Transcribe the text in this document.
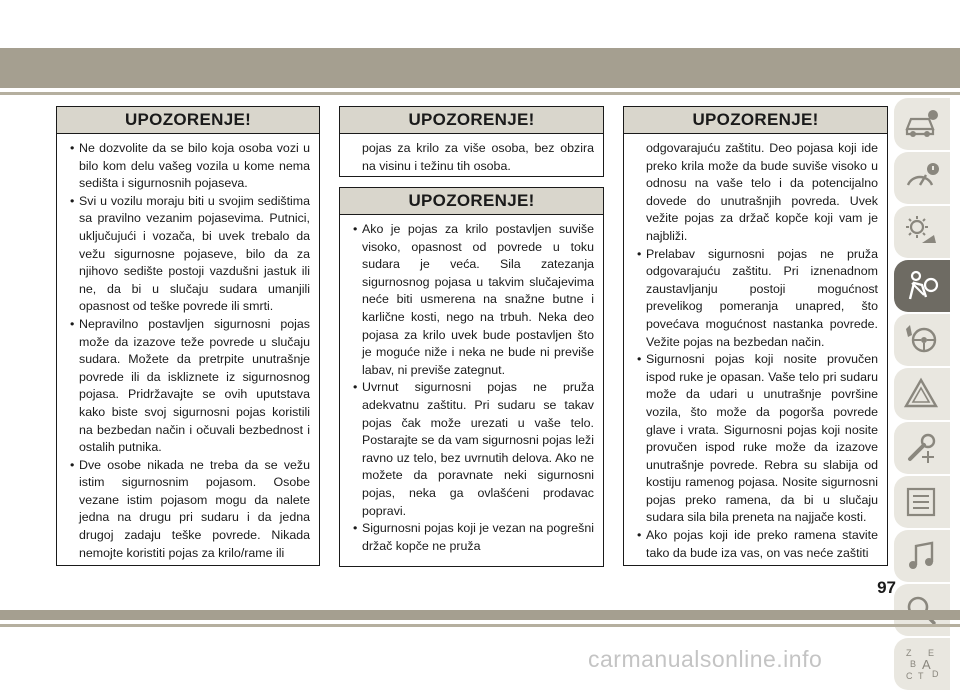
UPOZORENJE!
• Ne dozvolite da se bilo koja osoba vozi u bilo kom delu vašeg vozila u kome nema sedišta i sigurnosnih pojaseva.
• Svi u vozilu moraju biti u svojim sedištima sa pravilno vezanim pojasevima. Putnici, uključujući i vozača, bi uvek trebalo da vežu sigurnosne pojaseve, bilo da za njihovo sedište postoji vazdušni jastuk ili ne, da bi u slučaju sudara umanjili opasnost od teške povrede ili smrti.
• Nepravilno postavljen sigurnosni pojas može da izazove teže povrede u slučaju sudara. Možete da pretrpite unutrašnje povrede ili da iskliznete iz sigurnosnog pojasa. Pridržavajte se ovih uputstava kako biste svoj sigurnosni pojas koristili na bezbedan način i očuvali bezbednost i ostalih putnika.
• Dve osobe nikada ne treba da se vežu istim sigurnosnim pojasom. Osobe vezane istim pojasom mogu da nalete jedna na drugu pri sudaru i da jedna drugoj zadaju teške povrede. Nikada nemojte koristiti pojas za krilo/rame ili
UPOZORENJE!
pojas za krilo za više osoba, bez obzira na visinu i težinu tih osoba.
UPOZORENJE!
• Ako je pojas za krilo postavljen suviše visoko, opasnost od povrede u toku sudara je veća. Sila zatezanja sigurnosnog pojasa u takvim slučajevima neće biti usmerena na snažne butne i karlične kosti, nego na trbuh. Neka deo pojasa za krilo uvek bude postavljen što je moguće niže i neka ne bude ni previše labav, ni previše zategnut.
• Uvrnut sigurnosni pojas ne pruža adekvatnu zaštitu. Pri sudaru se takav pojas čak može urezati u vaše telo. Postarajte se da vam sigurnosni pojas leži ravno uz telo, bez uvrnutih delova. Ako ne možete da poravnate neki sigurnosni pojas, neka ga ovlašćeni prodavac popravi.
• Sigurnosni pojas koji je vezan na pogrešni držač kopče ne pruža
UPOZORENJE!
odgovarajuću zaštitu. Deo pojasa koji ide preko krila može da bude suviše visoko u odnosu na vaše telo i da potencijalno dovede do unutrašnjih povreda. Uvek vežite pojas za držač kopče koji vam je najbliži.
• Prelabav sigurnosni pojas ne pruža odgovarajuću zaštitu. Pri iznenadnom zaustavljanju postoji mogućnost prevelikog pomeranja unapred, što povećava mogućnost nastanka povrede. Vežite pojas na bezbedan način.
• Sigurnosni pojas koji nosite provučen ispod ruke je opasan. Vaše telo pri sudaru može da udari u unutrašnje površine vozila, što može da pogorša povrede glave i vrata. Sigurnosni pojas koji nosite provučen ispod ruke može da izazove unutrašnje povrede. Rebra su slabija od kostiju ramenog pojasa. Nosite sigurnosni pojas preko ramena, da bi u slučaju sudara sila bila preneta na najjače kosti.
• Ako pojas koji ide preko ramena stavite tako da bude iza vas, on vas neće zaštiti
Z E
B A
C D
T
97
carmanualsonline.info
